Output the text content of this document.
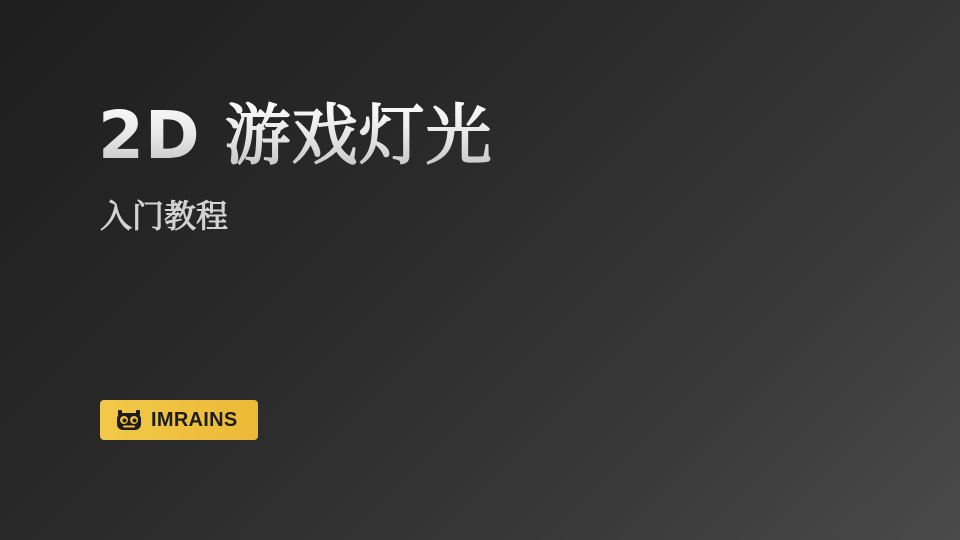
2D 游戏灯光
入门教程
IMRAINS
